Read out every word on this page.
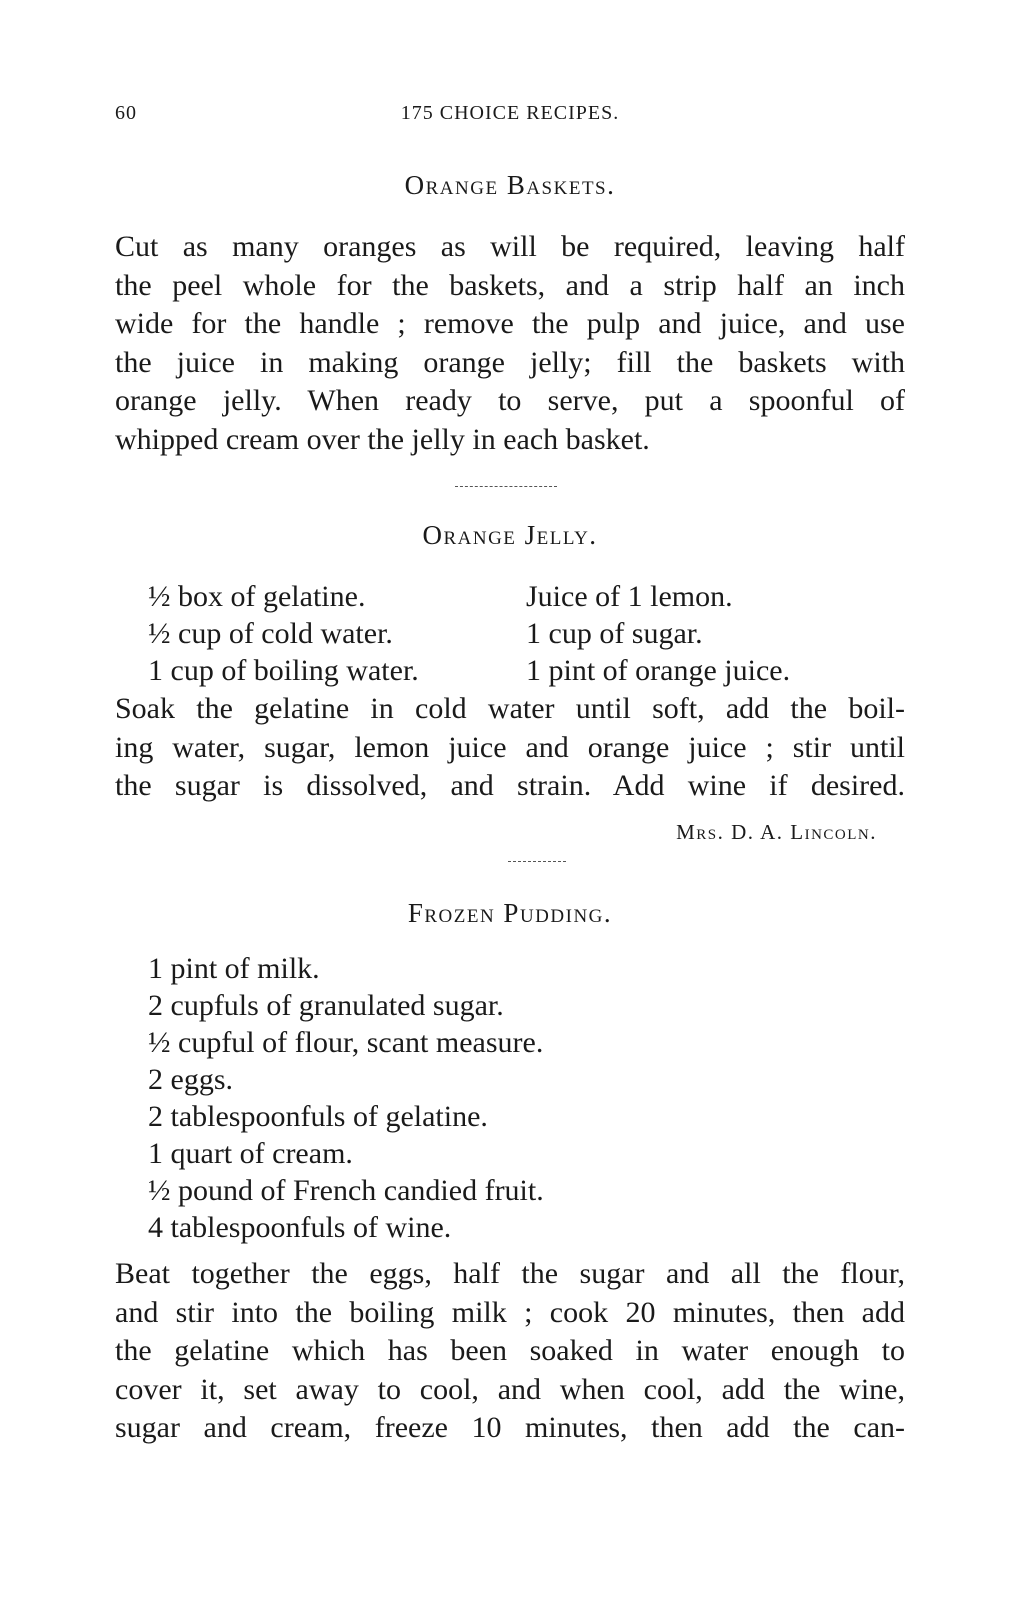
60	175 CHOICE RECIPES.
Orange Baskets.
Cut as many oranges as will be required, leaving half
the peel whole for the baskets, and a strip half an inch
wide for the handle ; remove the pulp and juice, and use
the juice in making orange jelly; fill the baskets with
orange jelly. When ready to serve, put a spoonful of
whipped cream over the jelly in each basket.
Orange Jelly.
½ box of gelatine.	Juice of 1 lemon.
½ cup of cold water.	1 cup of sugar.
1 cup of boiling water.	1 pint of orange juice.
Soak the gelatine in cold water until soft, add the boil-
ing water, sugar, lemon juice and orange juice ; stir until
the sugar is dissolved, and strain. Add wine if desired.
Mrs. D. A. Lincoln.
Frozen Pudding.
1 pint of milk.
2 cupfuls of granulated sugar.
½ cupful of flour, scant measure.
2 eggs.
2 tablespoonfuls of gelatine.
1 quart of cream.
½ pound of French candied fruit.
4 tablespoonfuls of wine.
Beat together the eggs, half the sugar and all the flour,
and stir into the boiling milk ; cook 20 minutes, then add
the gelatine which has been soaked in water enough to
cover it, set away to cool, and when cool, add the wine,
sugar and cream, freeze 10 minutes, then add the can-
